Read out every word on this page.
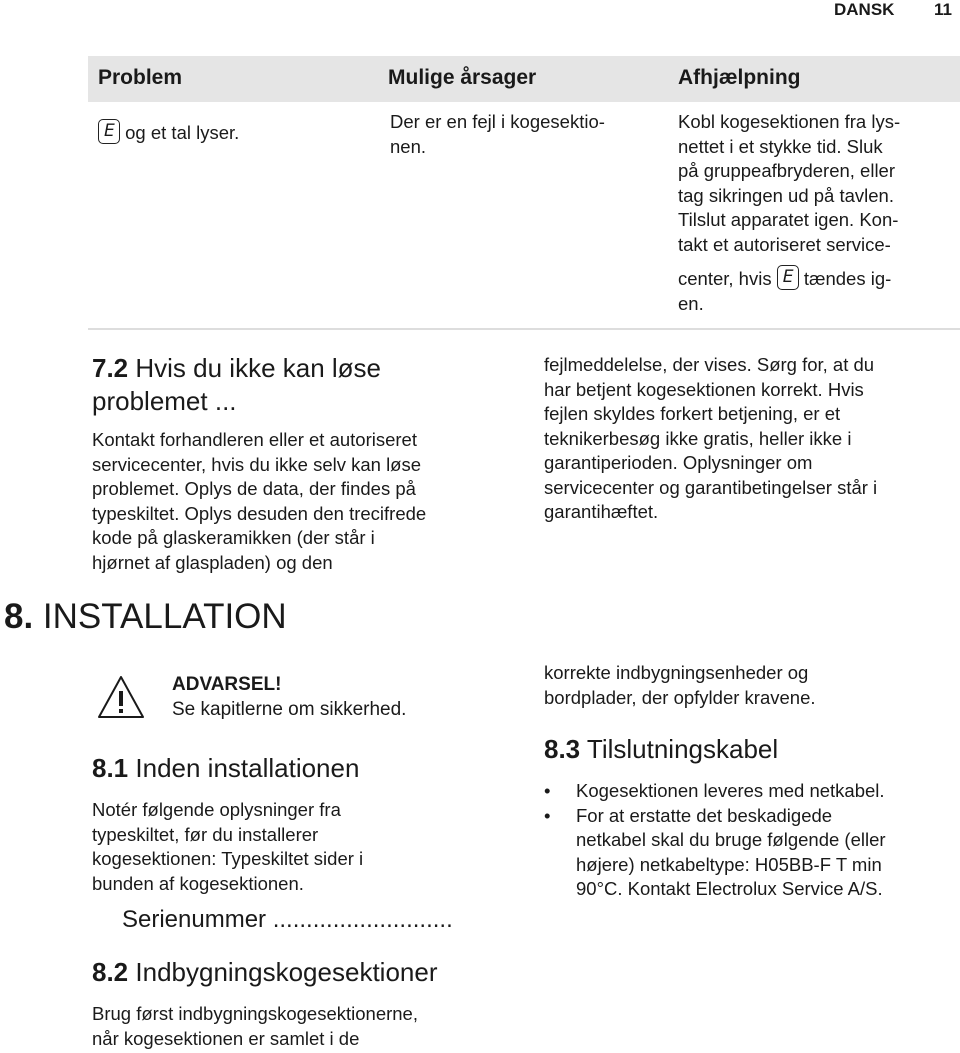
DANSK 11
Problem	Mulige årsager	Afhjælpning
E og et tal lyser.
Der er en fejl i kogesektio-
nen.
Kobl kogesektionen fra lys-
nettet i et stykke tid. Sluk
på gruppeafbryderen, eller
tag sikringen ud på tavlen.
Tilslut apparatet igen. Kon-
takt et autoriseret service-
center, hvis E tændes ig-
en.
7.2 Hvis du ikke kan løse
problemet ...
Kontakt forhandleren eller et autoriseret
servicecenter, hvis du ikke selv kan løse
problemet. Oplys de data, der findes på
typeskiltet. Oplys desuden den trecifrede
kode på glaskeramikken (der står i
hjørnet af glaspladen) og den
fejlmeddelelse, der vises. Sørg for, at du
har betjent kogesektionen korrekt. Hvis
fejlen skyldes forkert betjening, er et
teknikerbesøg ikke gratis, heller ikke i
garantiperioden. Oplysninger om
servicecenter og garantibetingelser står i
garantihæftet.
8. INSTALLATION
ADVARSEL!
Se kapitlerne om sikkerhed.
8.1 Inden installationen
Notér følgende oplysninger fra
typeskiltet, før du installerer
kogesektionen: Typeskiltet sider i
bunden af kogesektionen.
Serienummer ...........................
8.2 Indbygningskogesektioner
Brug først indbygningskogesektionerne,
når kogesektionen er samlet i de
korrekte indbygningsenheder og
bordplader, der opfylder kravene.
8.3 Tilslutningskabel
• Kogesektionen leveres med netkabel.
• For at erstatte det beskadigede
netkabel skal du bruge følgende (eller
højere) netkabeltype: H05BB-F T min
90°C. Kontakt Electrolux Service A/S.
